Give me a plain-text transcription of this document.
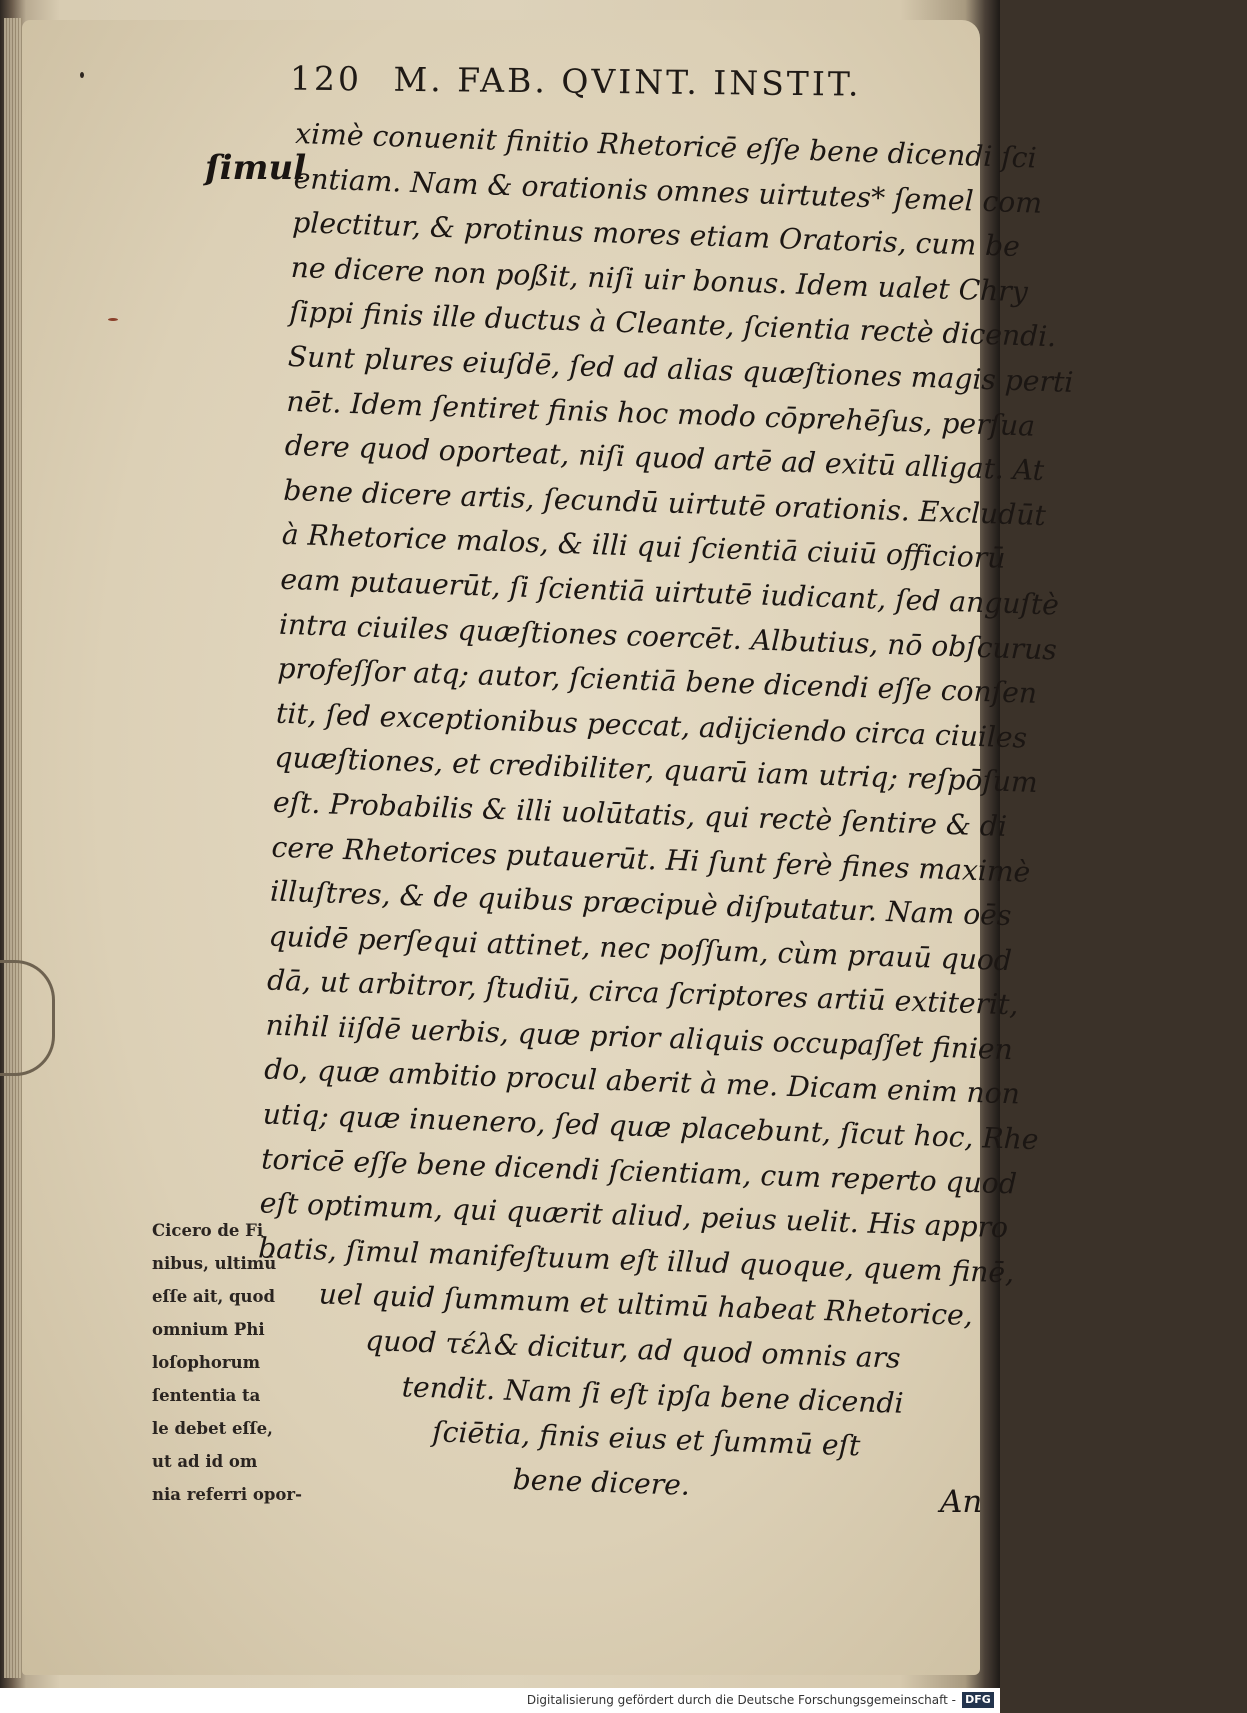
120 M. FAB. QVINT. INSTIT.
ſimul
ximè conuenit finitio Rhetoricē eſſe bene dicendi ſci
entiam. Nam & orationis omnes uirtutes* ſemel com
plectitur, & protinus mores etiam Oratoris, cum be
ne dicere non poßit, niſi uir bonus. Idem ualet Chry
ſippi finis ille ductus à Cleante, ſcientia rectè dicendi.
Sunt plures eiuſdē, ſed ad alias quæſtiones magis perti
nēt. Idem ſentiret finis hoc modo cōprehēſus, perſua
dere quod oporteat, niſi quod artē ad exitū alligat. At
bene dicere artis, ſecundū uirtutē orationis. Excludūt
à Rhetorice malos, & illi qui ſcientiā ciuiū officiorū
eam putauerūt, ſi ſcientiā uirtutē iudicant, ſed anguſtè
intra ciuiles quæſtiones coercēt. Albutius, nō obſcurus
profeſſor atq; autor, ſcientiā bene dicendi eſſe conſen
tit, ſed exceptionibus peccat, adijciendo circa ciuiles
quæſtiones, et credibiliter, quarū iam utriq; reſpōſum
eſt. Probabilis & illi uolūtatis, qui rectè ſentire & di
cere Rhetorices putauerūt. Hi ſunt ferè fines maximè
illuſtres, & de quibus præcipuè diſputatur. Nam oēs
quidē perſequi attinet, nec poſſum, cùm prauū quod
dā, ut arbitror, ſtudiū, circa ſcriptores artiū extiterit,
nihil iiſdē uerbis, quæ prior aliquis occupaſſet finien
do, quæ ambitio procul aberit à me. Dicam enim non
utiq; quæ inuenero, ſed quæ placebunt, ſicut hoc, Rhe
toricē eſſe bene dicendi ſcientiam, cum reperto quod
eſt optimum, qui quærit aliud, peius uelit. His appro
batis, ſimul manifeſtuum eſt illud quoque, quem finē,
uel quid ſummum et ultimū habeat Rhetorice,
quod τέλ& dicitur, ad quod omnis ars
tendit. Nam ſi eſt ipſa bene dicendi
ſciētia, finis eius et ſummū eſt
bene dicere.
Cicero de Fi
nibus, ultimū
eſſe ait, quod
omnium Phi
loſophorum
ſententia ta
le debet eſſe,
ut ad id om
nia referri opor-	An
Digitalisierung gefördert durch die Deutsche Forschungsgemeinschaft - DFG
